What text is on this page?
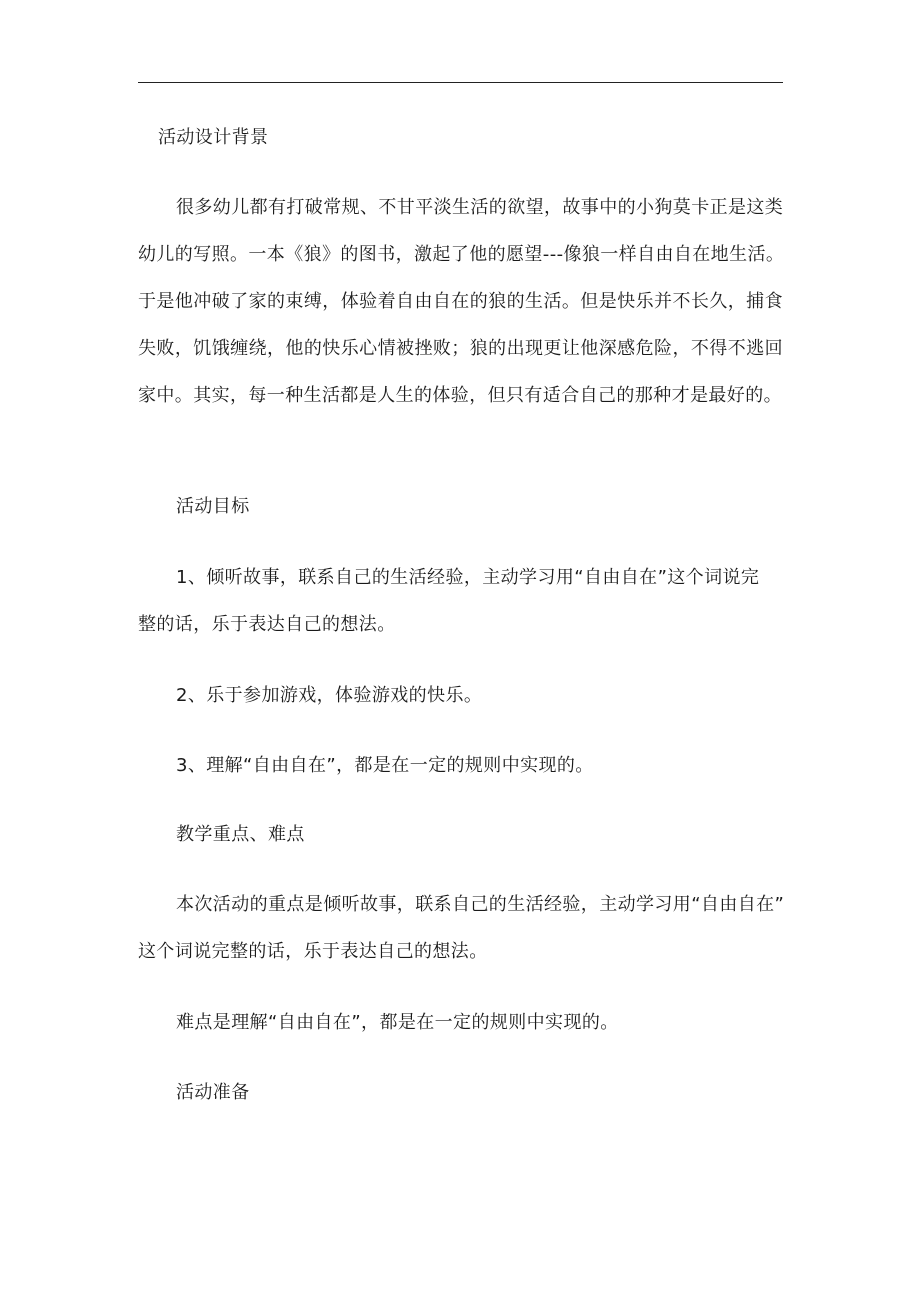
活动设计背景
很多幼儿都有打破常规、不甘平淡生活的欲望，故事中的小狗莫卡正是这类
幼儿的写照。一本《狼》的图书，激起了他的愿望---像狼一样自由自在地生活。
于是他冲破了家的束缚，体验着自由自在的狼的生活。但是快乐并不长久，捕食
失败，饥饿缠绕，他的快乐心情被挫败；狼的出现更让他深感危险，不得不逃回
家中。其实，每一种生活都是人生的体验，但只有适合自己的那种才是最好的。
活动目标
1、倾听故事，联系自己的生活经验，主动学习用“自由自在”这个词说完
整的话，乐于表达自己的想法。
2、乐于参加游戏，体验游戏的快乐。
3、理解“自由自在”，都是在一定的规则中实现的。
教学重点、难点
本次活动的重点是倾听故事，联系自己的生活经验，主动学习用“自由自在”
这个词说完整的话，乐于表达自己的想法。
难点是理解“自由自在”，都是在一定的规则中实现的。
活动准备
